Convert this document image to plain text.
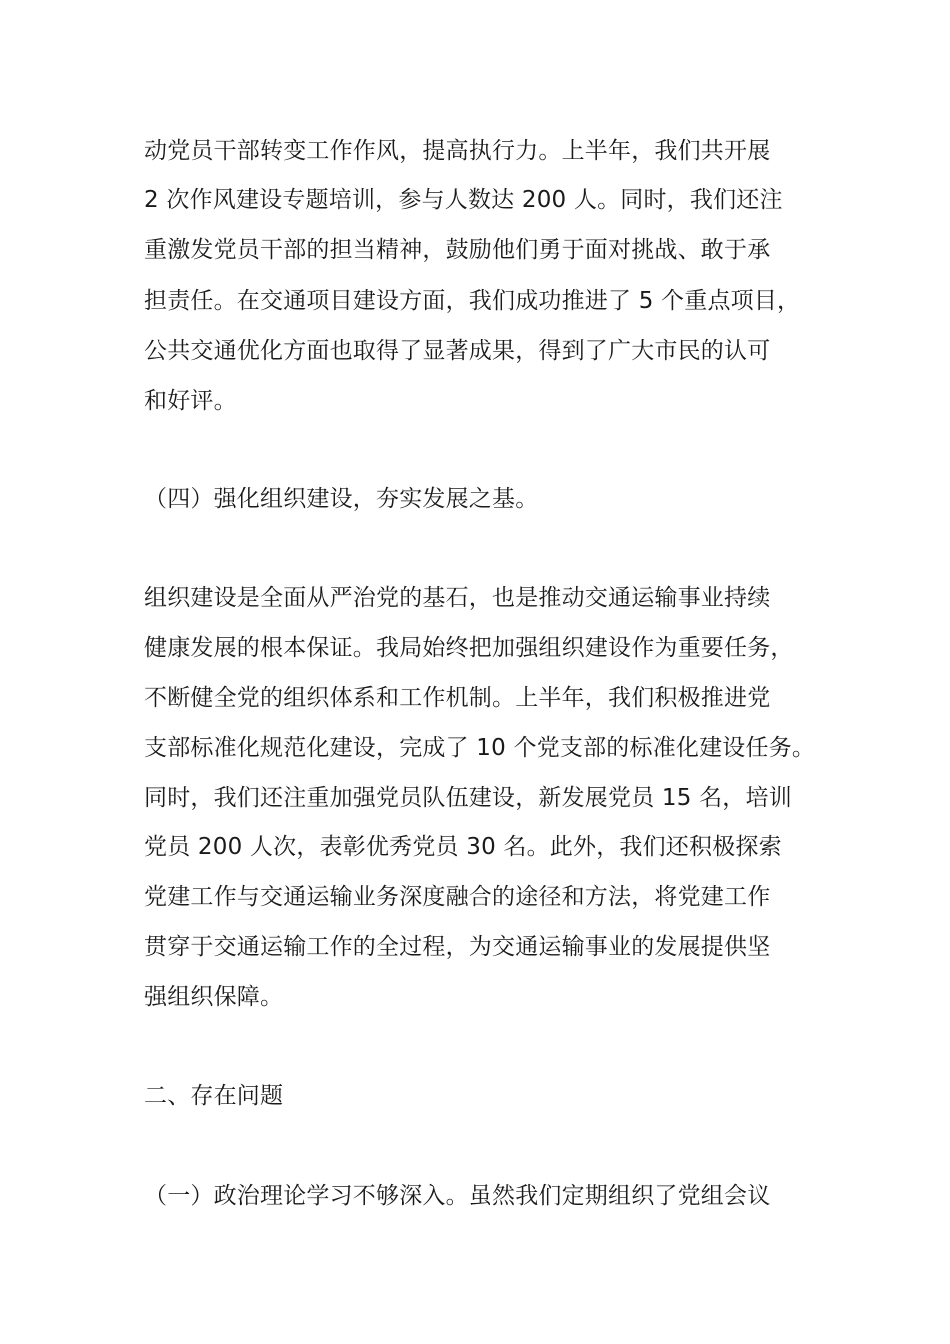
动党员干部转变工作作风，提高执行力。上半年，我们共开展
2 次作风建设专题培训，参与人数达 200 人。同时，我们还注
重激发党员干部的担当精神，鼓励他们勇于面对挑战、敢于承
担责任。在交通项目建设方面，我们成功推进了 5 个重点项目，
公共交通优化方面也取得了显著成果，得到了广大市民的认可
和好评。
（四）强化组织建设，夯实发展之基。
组织建设是全面从严治党的基石，也是推动交通运输事业持续
健康发展的根本保证。我局始终把加强组织建设作为重要任务，
不断健全党的组织体系和工作机制。上半年，我们积极推进党
支部标准化规范化建设，完成了 10 个党支部的标准化建设任务。
同时，我们还注重加强党员队伍建设，新发展党员 15 名，培训
党员 200 人次，表彰优秀党员 30 名。此外，我们还积极探索
党建工作与交通运输业务深度融合的途径和方法，将党建工作
贯穿于交通运输工作的全过程，为交通运输事业的发展提供坚
强组织保障。
二、存在问题
（一）政治理论学习不够深入。虽然我们定期组织了党组会议
